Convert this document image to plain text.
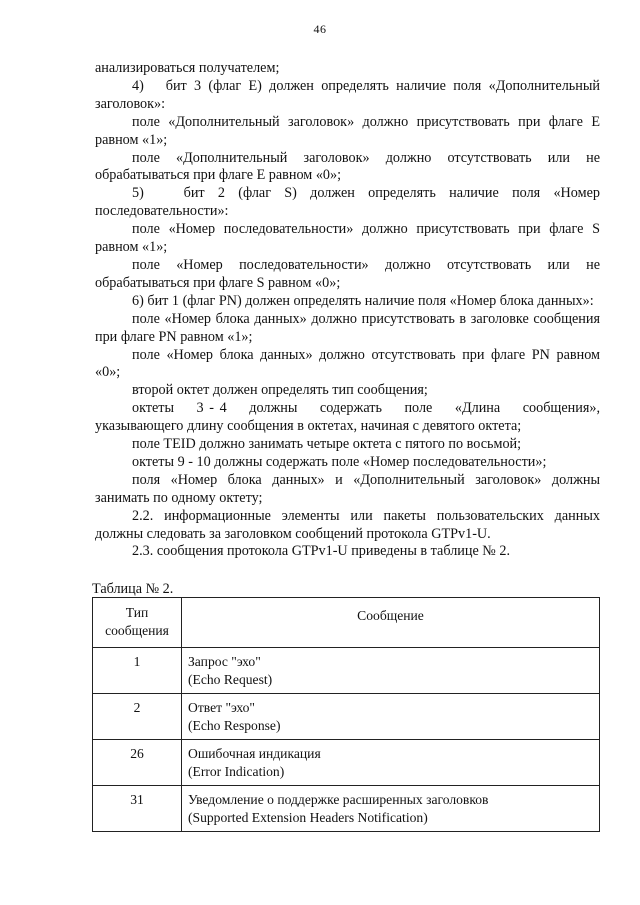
46

анализироваться получателем;

4)   бит 3 (флаг E) должен определять наличие поля «Дополнительный заголовок»:

поле «Дополнительный заголовок» должно присутствовать при флаге E равном «1»;

поле «Дополнительный заголовок» должно отсутствовать или не обрабатываться при флаге E равном «0»;

5)   бит 2 (флаг S) должен определять наличие поля «Номер последовательности»:

поле «Номер последовательности» должно присутствовать при флаге S равном «1»;

поле «Номер последовательности» должно отсутствовать или не обрабатываться при флаге S равном «0»;

6) бит 1 (флаг PN) должен определять наличие поля «Номер блока данных»:

поле «Номер блока данных» должно присутствовать в заголовке сообщения при флаге PN равном «1»;

поле «Номер блока данных» должно отсутствовать при флаге PN равном «0»;

второй октет должен определять тип сообщения;

октеты    3 - 4    должны    содержать    поле    «Длина    сообщения», указывающего длину сообщения в октетах, начиная с девятого октета;

поле TEID должно занимать четыре октета с пятого по восьмой;

октеты 9 - 10 должны содержать поле «Номер последовательности»;

поля «Номер блока данных» и «Дополнительный заголовок» должны занимать по одному октету;

2.2. информационные элементы или пакеты пользовательских данных должны следовать за заголовком сообщений протокола GTPv1-U.

2.3. сообщения протокола GTPv1-U приведены в таблице № 2.

Таблица № 2.
Тип сообщения	Сообщение
1	Запрос "эхо"
(Echo Request)

2	Ответ "эхо"
(Echo Response)

26	Ошибочная индикация
(Error Indication)

31	Уведомление о поддержке расширенных заголовков
(Supported Extension Headers Notification)
